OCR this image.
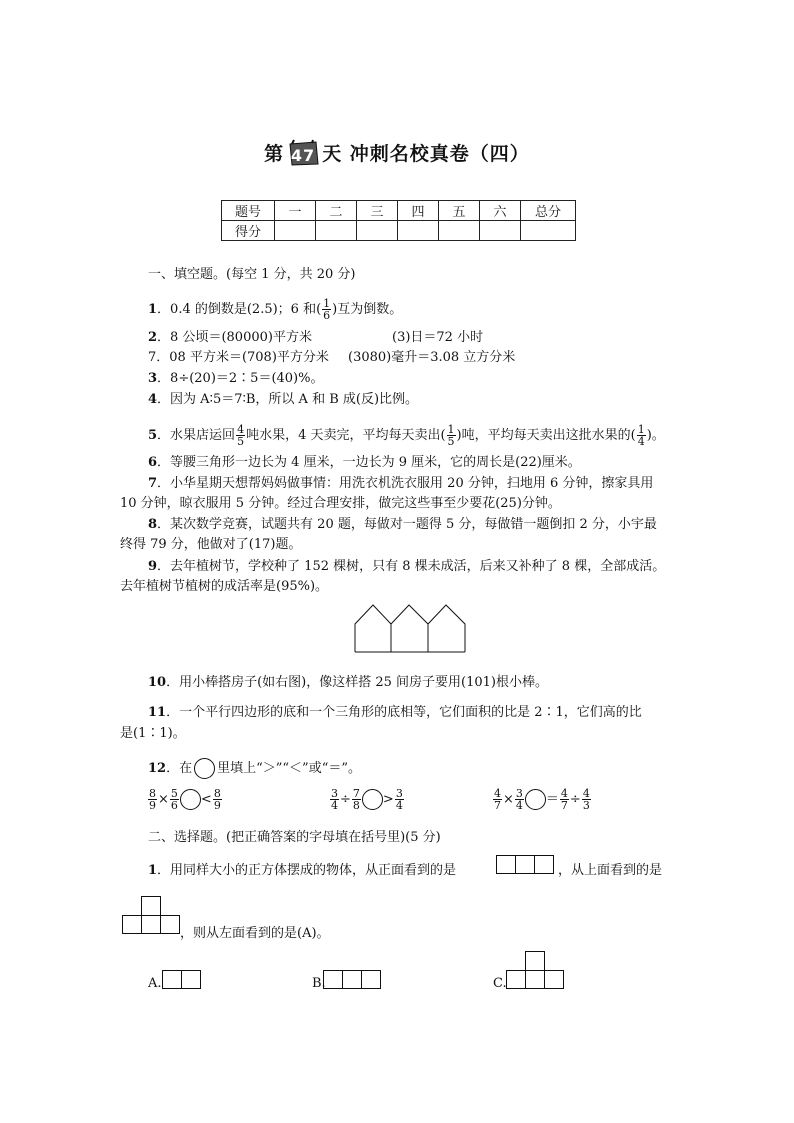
第 47 天 冲刺名校真卷（四）
题号	一	二	三	四	五	六	总分
得分							
一、填空题。(每空 1 分，共 20 分)
1．0.4 的倒数是(2.5)；6 和( $\frac{1}{6}$ )互为倒数。
2．8 公顷＝(80000)平方米	(3)日＝72 小时
7．08 平方米＝(708)平方分米 (3080)毫升＝3.08 立方分米
3．8÷(20)＝2∶5＝(40)%。
4．因为 A∶5＝7∶B，所以 A 和 B 成(反)比例。
5．水果店运回 $\frac{4}{5}$ 吨水果，4 天卖完，平均每天卖出( $\frac{1}{5}$ )吨，平均每天卖出这批水果的( $\frac{1}{4}$ )。
6．等腰三角形一边长为 4 厘米，一边长为 9 厘米，它的周长是(22)厘米。
7．小华星期天想帮妈妈做事情：用洗衣机洗衣服用 20 分钟，扫地用 6 分钟，擦家具用
10 分钟，晾衣服用 5 分钟。经过合理安排，做完这些事至少要花(25)分钟。
8．某次数学竞赛，试题共有 20 题，每做对一题得 5 分，每做错一题倒扣 2 分，小宇最
终得 79 分，他做对了(17)题。
9．去年植树节，学校种了 152 棵树，只有 8 棵未成活，后来又补种了 8 棵，全部成活。
去年植树节植树的成活率是(95%)。
10．用小棒搭房子(如右图)，像这样搭 25 间房子要用(101)根小棒。
11．一个平行四边形的底和一个三角形的底相等，它们面积的比是 2∶1，它们高的比
是(1∶1)。
12．在 里填上“＞”“＜”或“＝”。
$\frac{8}{9} \times \frac{5}{6} < \frac{8}{9}$	$\frac{3}{4} \div \frac{7}{8} > \frac{3}{4}$	$\frac{4}{7} \times \frac{3}{4} = \frac{4}{7} \div \frac{4}{3}$
二、选择题。(把正确答案的字母填在括号里)(5 分)
1．用同样大小的正方体摆成的物体，从正面看到的是	，从上面看到的是
，则从左面看到的是(A)。
A.	B.	C.
